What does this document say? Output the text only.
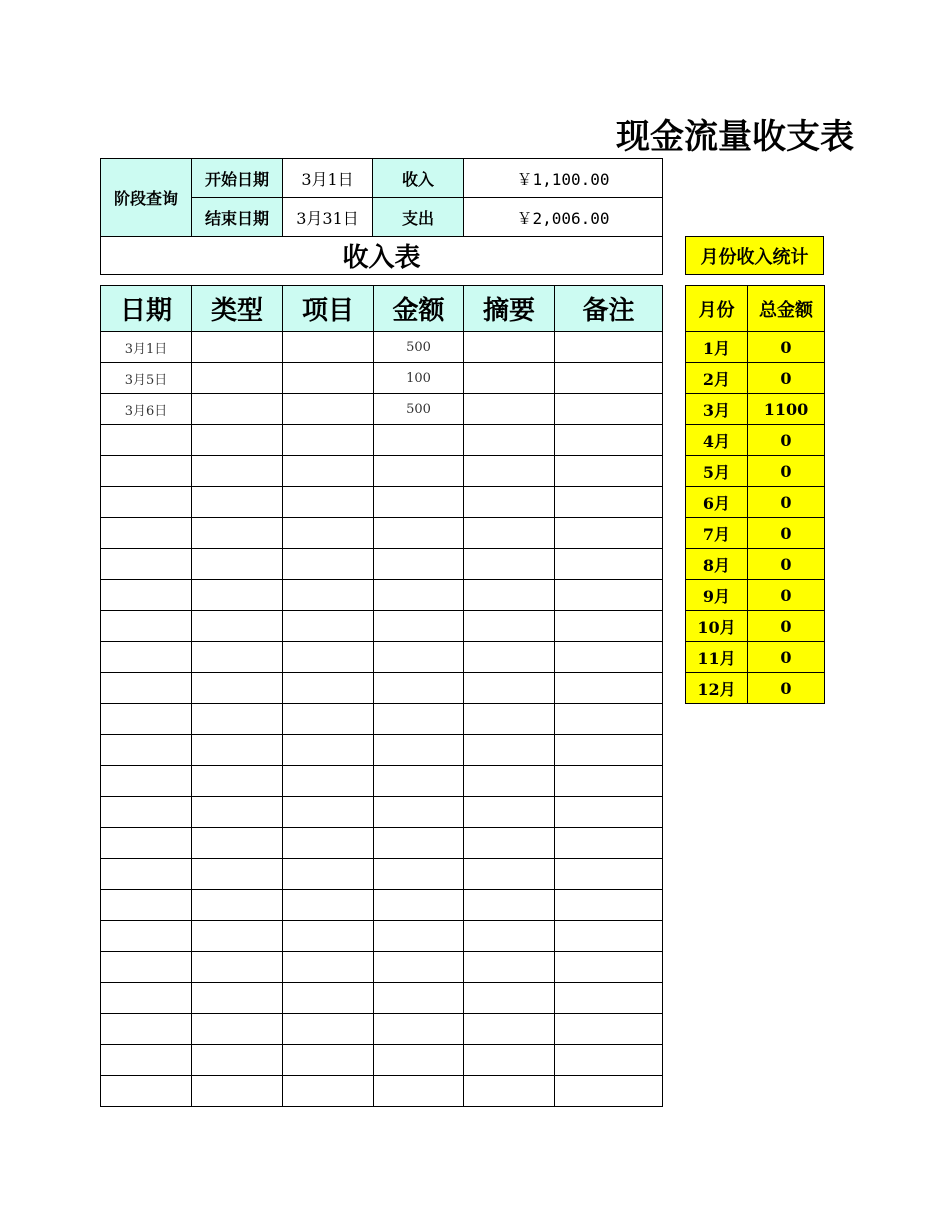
现金流量收支表
阶段查询	开始日期	3月1日	收入	￥1,100.00
	结束日期	3月31日	支出	￥2,006.00
收入表				
日期	类型	项目	金额	摘要	备注
3月1日			500		
3月5日			100		
3月6日			500		

月份收入统计
月份	总金额
1月	0
2月	0
3月	1100
4月	0
5月	0
6月	0
7月	0
8月	0
9月	0
10月	0
11月	0
12月	0
